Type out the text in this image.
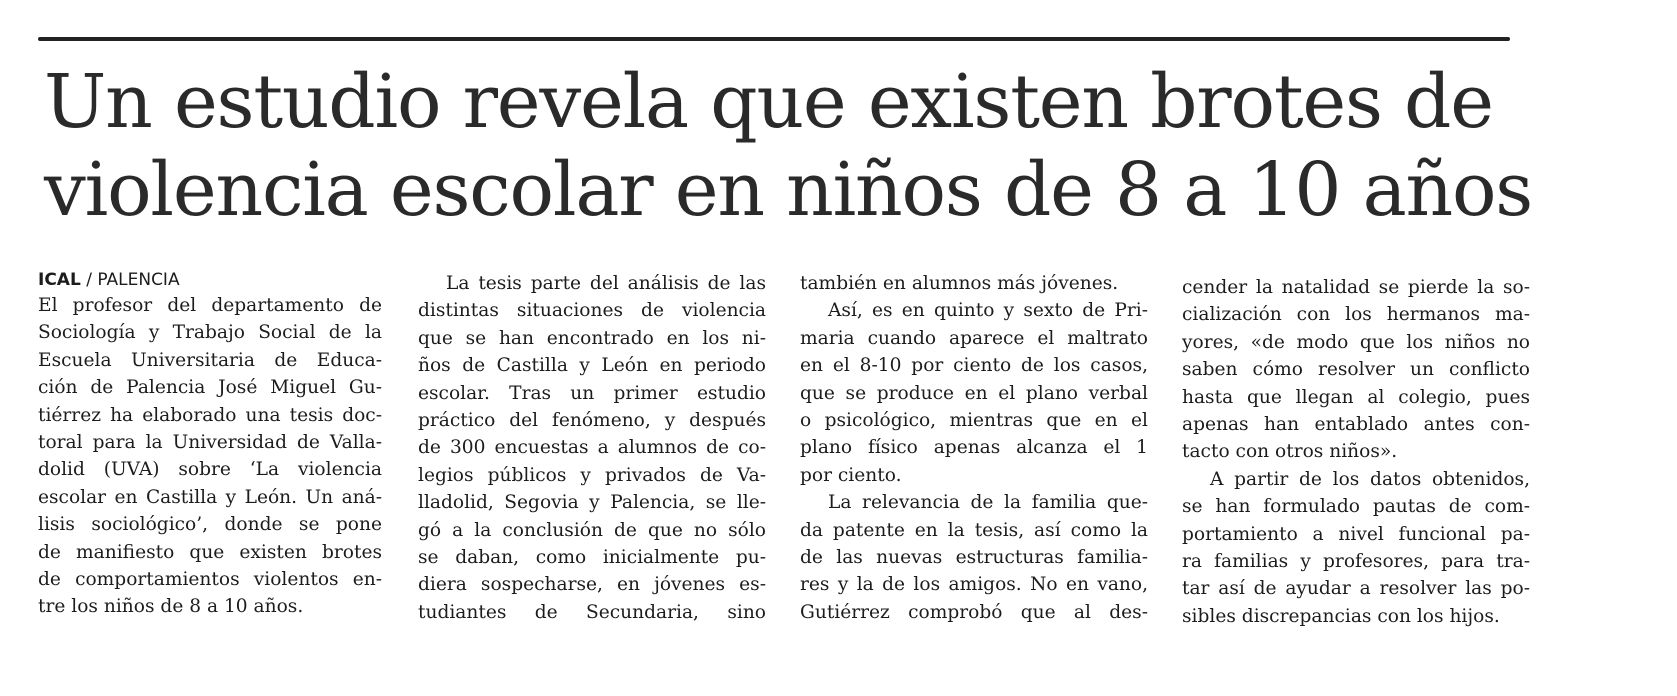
Un estudio revela que existen brotes de
violencia escolar en niños de 8 a 10 años

ICAL / PALENCIA

El profesor del departamento de
Sociología y Trabajo Social de la
Escuela Universitaria de Educa-
ción de Palencia José Miguel Gu-
tiérrez ha elaborado una tesis doc-
toral para la Universidad de Valla-
dolid (UVA) sobre ‘La violencia
escolar en Castilla y León. Un aná-
lisis sociológico’, donde se pone
de manifiesto que existen brotes
de comportamientos violentos en-
tre los niños de 8 a 10 años.

La tesis parte del análisis de las
distintas situaciones de violencia
que se han encontrado en los ni-
ños de Castilla y León en periodo
escolar. Tras un primer estudio
práctico del fenómeno, y después
de 300 encuestas a alumnos de co-
legios públicos y privados de Va-
lladolid, Segovia y Palencia, se lle-
gó a la conclusión de que no sólo
se daban, como inicialmente pu-
diera sospecharse, en jóvenes es-
tudiantes de Secundaria, sino

también en alumnos más jóvenes.
Así, es en quinto y sexto de Pri-
maria cuando aparece el maltrato
en el 8-10 por ciento de los casos,
que se produce en el plano verbal
o psicológico, mientras que en el
plano físico apenas alcanza el 1
por ciento.
La relevancia de la familia que-
da patente en la tesis, así como la
de las nuevas estructuras familia-
res y la de los amigos. No en vano,
Gutiérrez comprobó que al des-

cender la natalidad se pierde la so-
cialización con los hermanos ma-
yores, «de modo que los niños no
saben cómo resolver un conflicto
hasta que llegan al colegio, pues
apenas han entablado antes con-
tacto con otros niños».
A partir de los datos obtenidos,
se han formulado pautas de com-
portamiento a nivel funcional pa-
ra familias y profesores, para tra-
tar así de ayudar a resolver las po-
sibles discrepancias con los hijos.
